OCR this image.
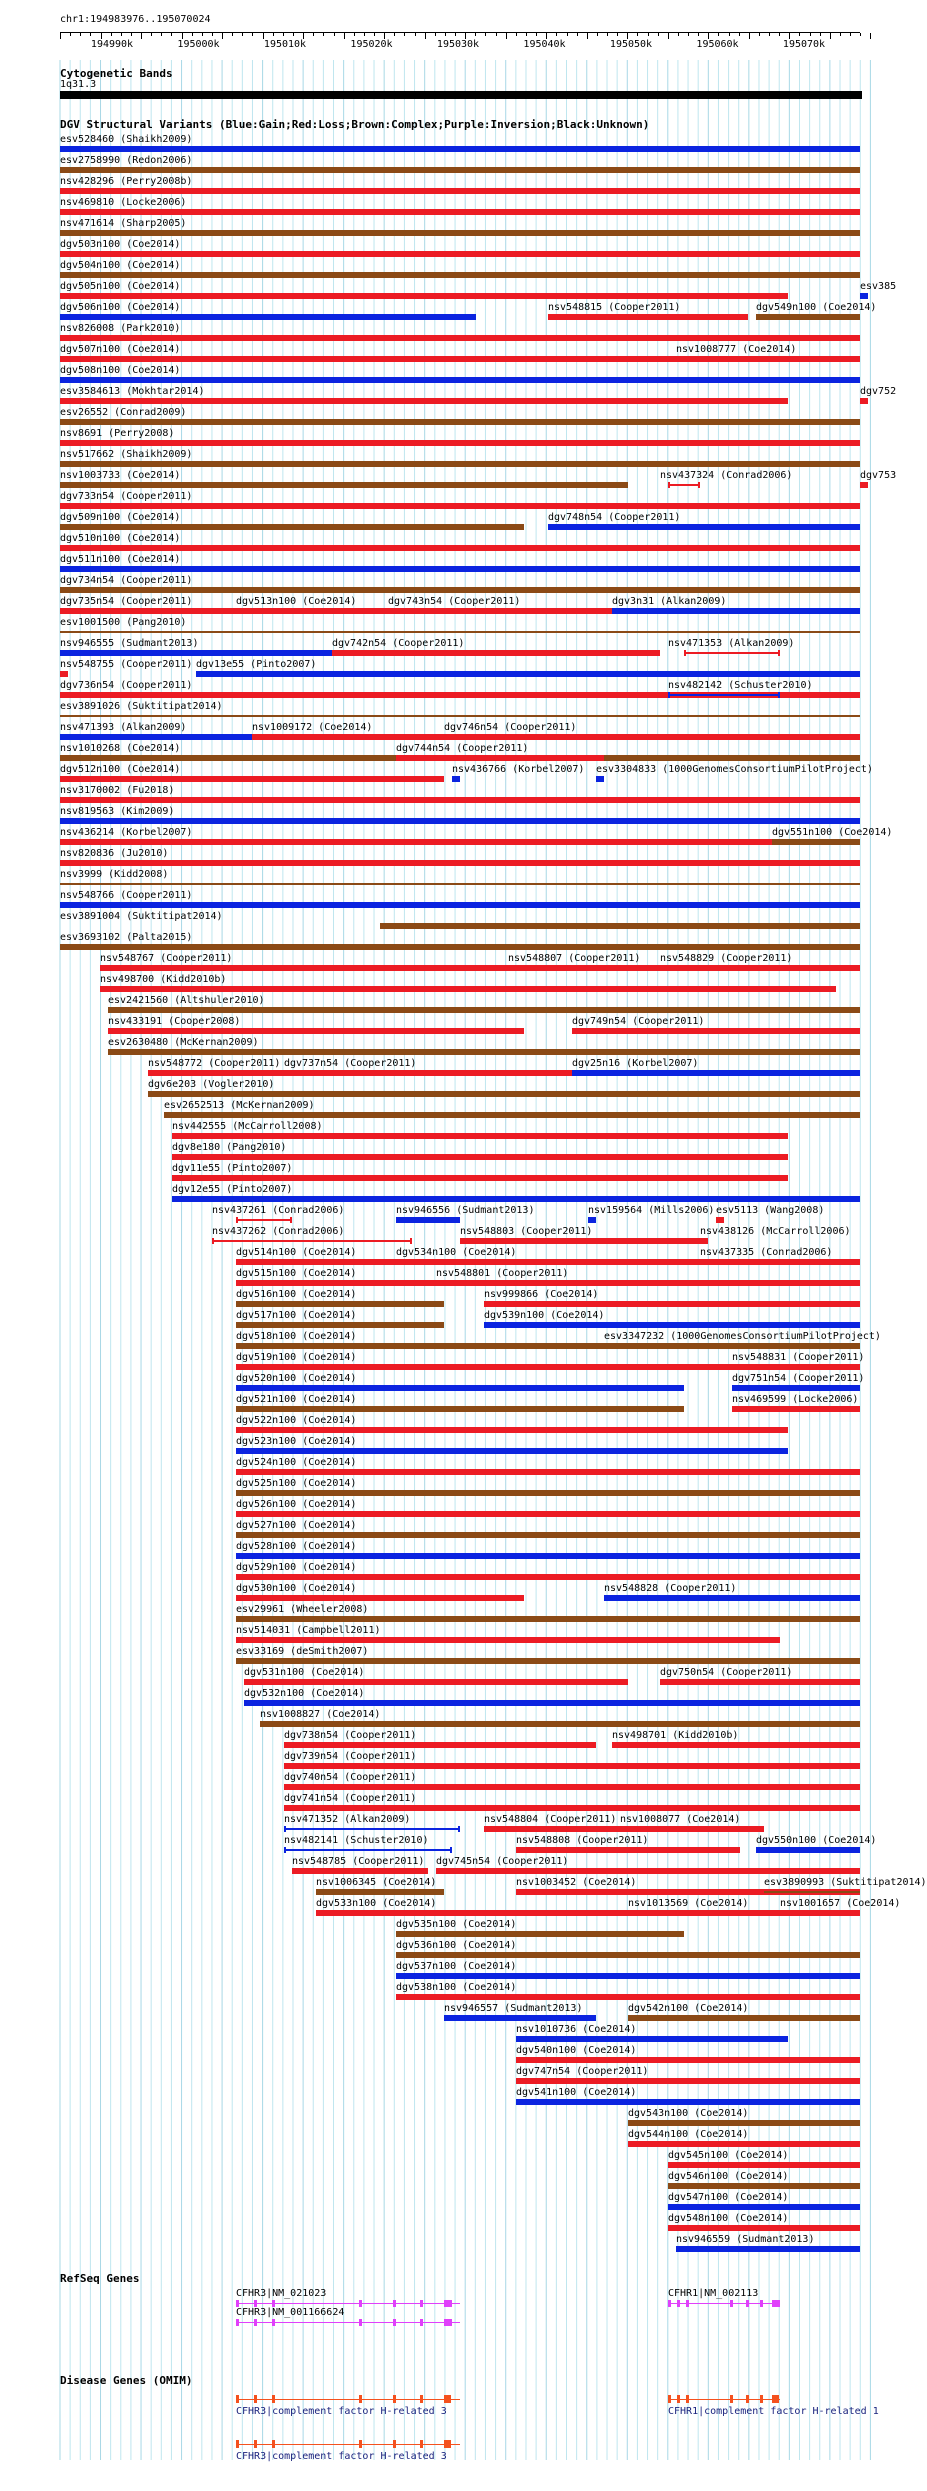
chr1:194983976..195070024
194990k	195000k	195010k	195020k	195030k	195040k	195050k	195060k	195070k
Cytogenetic Bands
1q31.3
DGV Structural Variants (Blue:Gain;Red:Loss;Brown:Complex;Purple:Inversion;Black:Unknown)
esv528460 (Shaikh2009)
esv2758990 (Redon2006)
nsv428296 (Perry2008b)
nsv469810 (Locke2006)
nsv471614 (Sharp2005)
dgv503n100 (Coe2014)
dgv504n100 (Coe2014)
dgv505n100 (Coe2014)	esv385
dgv506n100 (Coe2014)	nsv548815 (Cooper2011)	dgv549n100 (Coe2014)
nsv826008 (Park2010)
dgv507n100 (Coe2014)	nsv1008777 (Coe2014)
dgv508n100 (Coe2014)
esv3584613 (Mokhtar2014)	dgv752
esv26552 (Conrad2009)
nsv8691 (Perry2008)
nsv517662 (Shaikh2009)
nsv1003733 (Coe2014)	nsv437324 (Conrad2006)	dgv753
dgv733n54 (Cooper2011)
dgv509n100 (Coe2014)	dgv748n54 (Cooper2011)
dgv510n100 (Coe2014)
dgv511n100 (Coe2014)
dgv734n54 (Cooper2011)
dgv735n54 (Cooper2011)	dgv513n100 (Coe2014)	dgv743n54 (Cooper2011)	dgv3n31 (Alkan2009)
esv1001500 (Pang2010)
nsv946555 (Sudmant2013)	dgv742n54 (Cooper2011)	nsv471353 (Alkan2009)
nsv548755 (Cooper2011) dgv13e55 (Pinto2007)
dgv736n54 (Cooper2011)	nsv482142 (Schuster2010)
esv3891026 (Suktitipat2014)
nsv471393 (Alkan2009)	nsv1009172 (Coe2014)	dgv746n54 (Cooper2011)
nsv1010268 (Coe2014)	dgv744n54 (Cooper2011)
dgv512n100 (Coe2014)	nsv436766 (Korbel2007) esv3304833 (1000GenomesConsortiumPilotProject)
nsv3170002 (Fu2018)
nsv819563 (Kim2009)
nsv436214 (Korbel2007)	dgv551n100 (Coe2014)
nsv820836 (Ju2010)
nsv3999 (Kidd2008)
nsv548766 (Cooper2011)
esv3891004 (Suktitipat2014)
esv3693102 (Palta2015)
nsv548767 (Cooper2011)	nsv548807 (Cooper2011) nsv548829 (Cooper2011)
nsv498700 (Kidd2010b)
esv2421560 (Altshuler2010)
nsv433191 (Cooper2008)	dgv749n54 (Cooper2011)
esv2630480 (McKernan2009)
nsv548772 (Cooper2011) dgv737n54 (Cooper2011)	dgv25n16 (Korbel2007)
dgv6e203 (Vogler2010)
esv2652513 (McKernan2009)
nsv442555 (McCarroll2008)
dgv8e180 (Pang2010)
dgv11e55 (Pinto2007)
dgv12e55 (Pinto2007)
nsv437261 (Conrad2006)	nsv946556 (Sudmant2013)	nsv159564 (Mills2006) esv5113 (Wang2008)
nsv437262 (Conrad2006)	nsv548803 (Cooper2011)	nsv438126 (McCarroll2006)
dgv514n100 (Coe2014)	dgv534n100 (Coe2014)	nsv437335 (Conrad2006)
dgv515n100 (Coe2014)	nsv548801 (Cooper2011)
dgv516n100 (Coe2014)	nsv999866 (Coe2014)
dgv517n100 (Coe2014)	dgv539n100 (Coe2014)
dgv518n100 (Coe2014)	esv3347232 (1000GenomesConsortiumPilotProject)
dgv519n100 (Coe2014)	nsv548831 (Cooper2011)
dgv520n100 (Coe2014)	dgv751n54 (Cooper2011)
dgv521n100 (Coe2014)	nsv469599 (Locke2006)
dgv522n100 (Coe2014)
dgv523n100 (Coe2014)
dgv524n100 (Coe2014)
dgv525n100 (Coe2014)
dgv526n100 (Coe2014)
dgv527n100 (Coe2014)
dgv528n100 (Coe2014)
dgv529n100 (Coe2014)
dgv530n100 (Coe2014)	nsv548828 (Cooper2011)
esv29961 (Wheeler2008)
nsv514031 (Campbell2011)
esv33169 (deSmith2007)
dgv531n100 (Coe2014)	dgv750n54 (Cooper2011)
dgv532n100 (Coe2014)
nsv1008827 (Coe2014)
dgv738n54 (Cooper2011)	nsv498701 (Kidd2010b)
dgv739n54 (Cooper2011)
dgv740n54 (Cooper2011)
dgv741n54 (Cooper2011)
nsv471352 (Alkan2009)	nsv548804 (Cooper2011) nsv1008077 (Coe2014)
nsv482141 (Schuster2010)	nsv548808 (Cooper2011)	dgv550n100 (Coe2014)
nsv548785 (Cooper2011) dgv745n54 (Cooper2011)
nsv1006345 (Coe2014)	nsv1003452 (Coe2014)	esv3890993 (Suktitipat2014)
dgv533n100 (Coe2014)	nsv1013569 (Coe2014)	nsv1001657 (Coe2014)
dgv535n100 (Coe2014)
dgv536n100 (Coe2014)
dgv537n100 (Coe2014)
dgv538n100 (Coe2014)
nsv946557 (Sudmant2013)	dgv542n100 (Coe2014)
nsv1010736 (Coe2014)
dgv540n100 (Coe2014)
dgv747n54 (Cooper2011)
dgv541n100 (Coe2014)
dgv543n100 (Coe2014)
dgv544n100 (Coe2014)
dgv545n100 (Coe2014)
dgv546n100 (Coe2014)
dgv547n100 (Coe2014)
dgv548n100 (Coe2014)
nsv946559 (Sudmant2013)
RefSeq Genes
CFHR3|NM_021023
CFHR3|NM_001166624
CFHR1|NM_002113
Disease Genes (OMIM)
CFHR3|complement factor H-related 3	CFHR1|complement factor H-related 1
CFHR3|complement factor H-related 3
